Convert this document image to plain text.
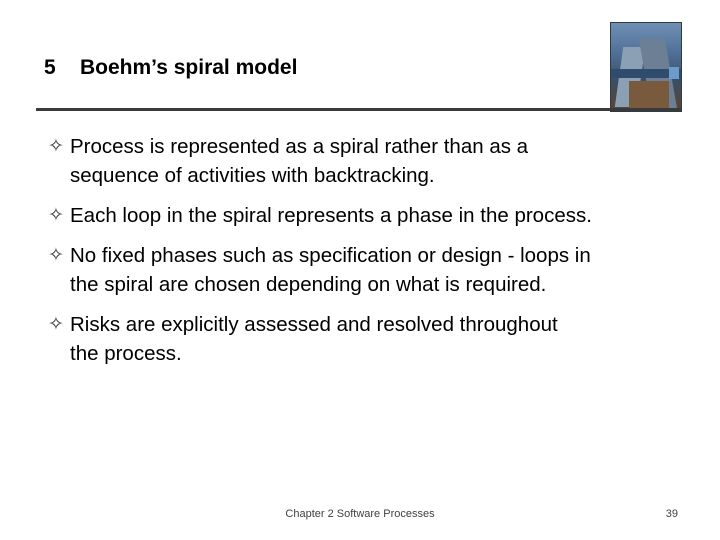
5 Boehm’s spiral model
✧ Process is represented as a spiral rather than as a
sequence of activities with backtracking.
✧ Each loop in the spiral represents a phase in the process.
✧ No fixed phases such as specification or design - loops in
the spiral are chosen depending on what is required.
✧ Risks are explicitly assessed and resolved throughout
the process.
Chapter 2 Software Processes	39
